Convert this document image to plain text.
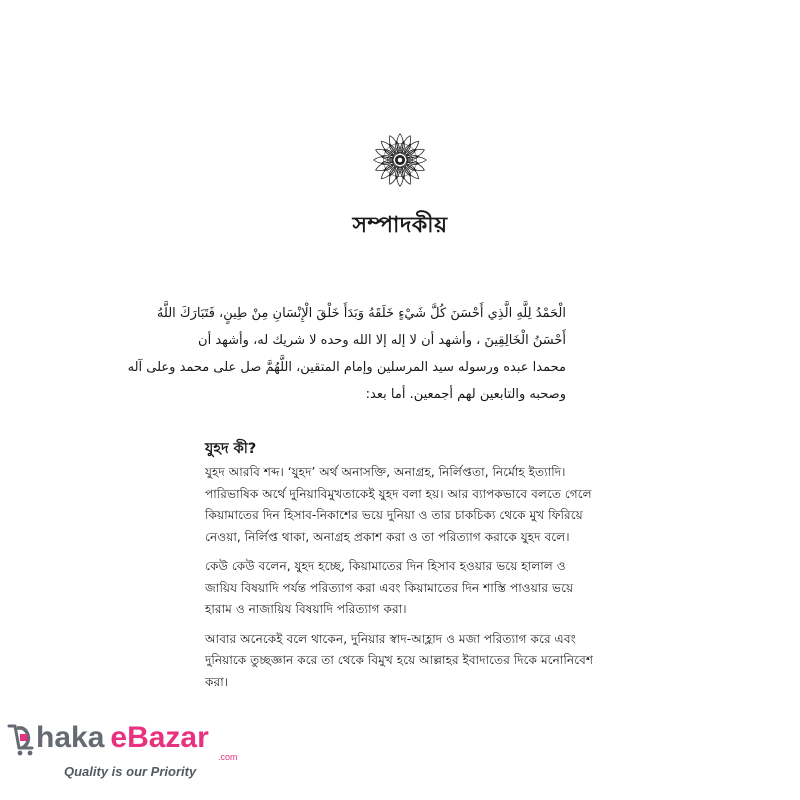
সম্পাদকীয়
الْحَمْدُ لِلَّهِ الَّذِي أَحْسَنَ كُلَّ شَيْءٍ خَلَقَهُ وَبَدَأَ خَلْقَ الْإِنْسَانِ مِنْ طِينٍ، فَتَبَارَكَ اللَّهُ
أَحْسَنُ الْخَالِقِينَ ، وأشهد أن لا إله إلا الله وحده لا شريك له، وأشهد أن
محمدا عبده ورسوله سيد المرسلين وإمام المتقين، اللَّهُمَّ صل على محمد وعلى آله
وصحبه والتابعين لهم أجمعين. أما بعد:
যুহদ কী?

যুহদ আরবি শব্দ। ‘যুহদ’ অর্থ অনাসক্তি, অনাগ্রহ, নির্লিপ্ততা, নির্মোহ ইত্যাদি।
পারিভাষিক অর্থে দুনিয়াবিমুখতাকেই যুহদ বলা হয়। আর ব্যাপকভাবে বলতে গেলে
কিয়ামাতের দিন হিসাব-নিকাশের ভয়ে দুনিয়া ও তার চাকচিক্য থেকে মুখ ফিরিয়ে
নেওয়া, নির্লিপ্ত থাকা, অনাগ্রহ প্রকাশ করা ও তা পরিত্যাগ করাকে যুহদ বলে।

কেউ কেউ বলেন, যুহদ হচ্ছে, কিয়ামাতের দিন হিসাব হওয়ার ভয়ে হালাল ও
জায়িয বিষয়াদি পর্যন্ত পরিত্যাগ করা এবং কিয়ামাতের দিন শাস্তি পাওয়ার ভয়ে
হারাম ও নাজায়িয বিষয়াদি পরিত্যাগ করা।

আবার অনেকেই বলে থাকেন, দুনিয়ার স্বাদ-আহ্লাদ ও মজা পরিত্যাগ করে এবং
দুনিয়াকে তুচ্ছজ্ঞান করে তা থেকে বিমুখ হয়ে আল্লাহর ইবাদাতের দিকে মনোনিবেশ
করা।

haka eBazar
.com
Quality is our Priority
